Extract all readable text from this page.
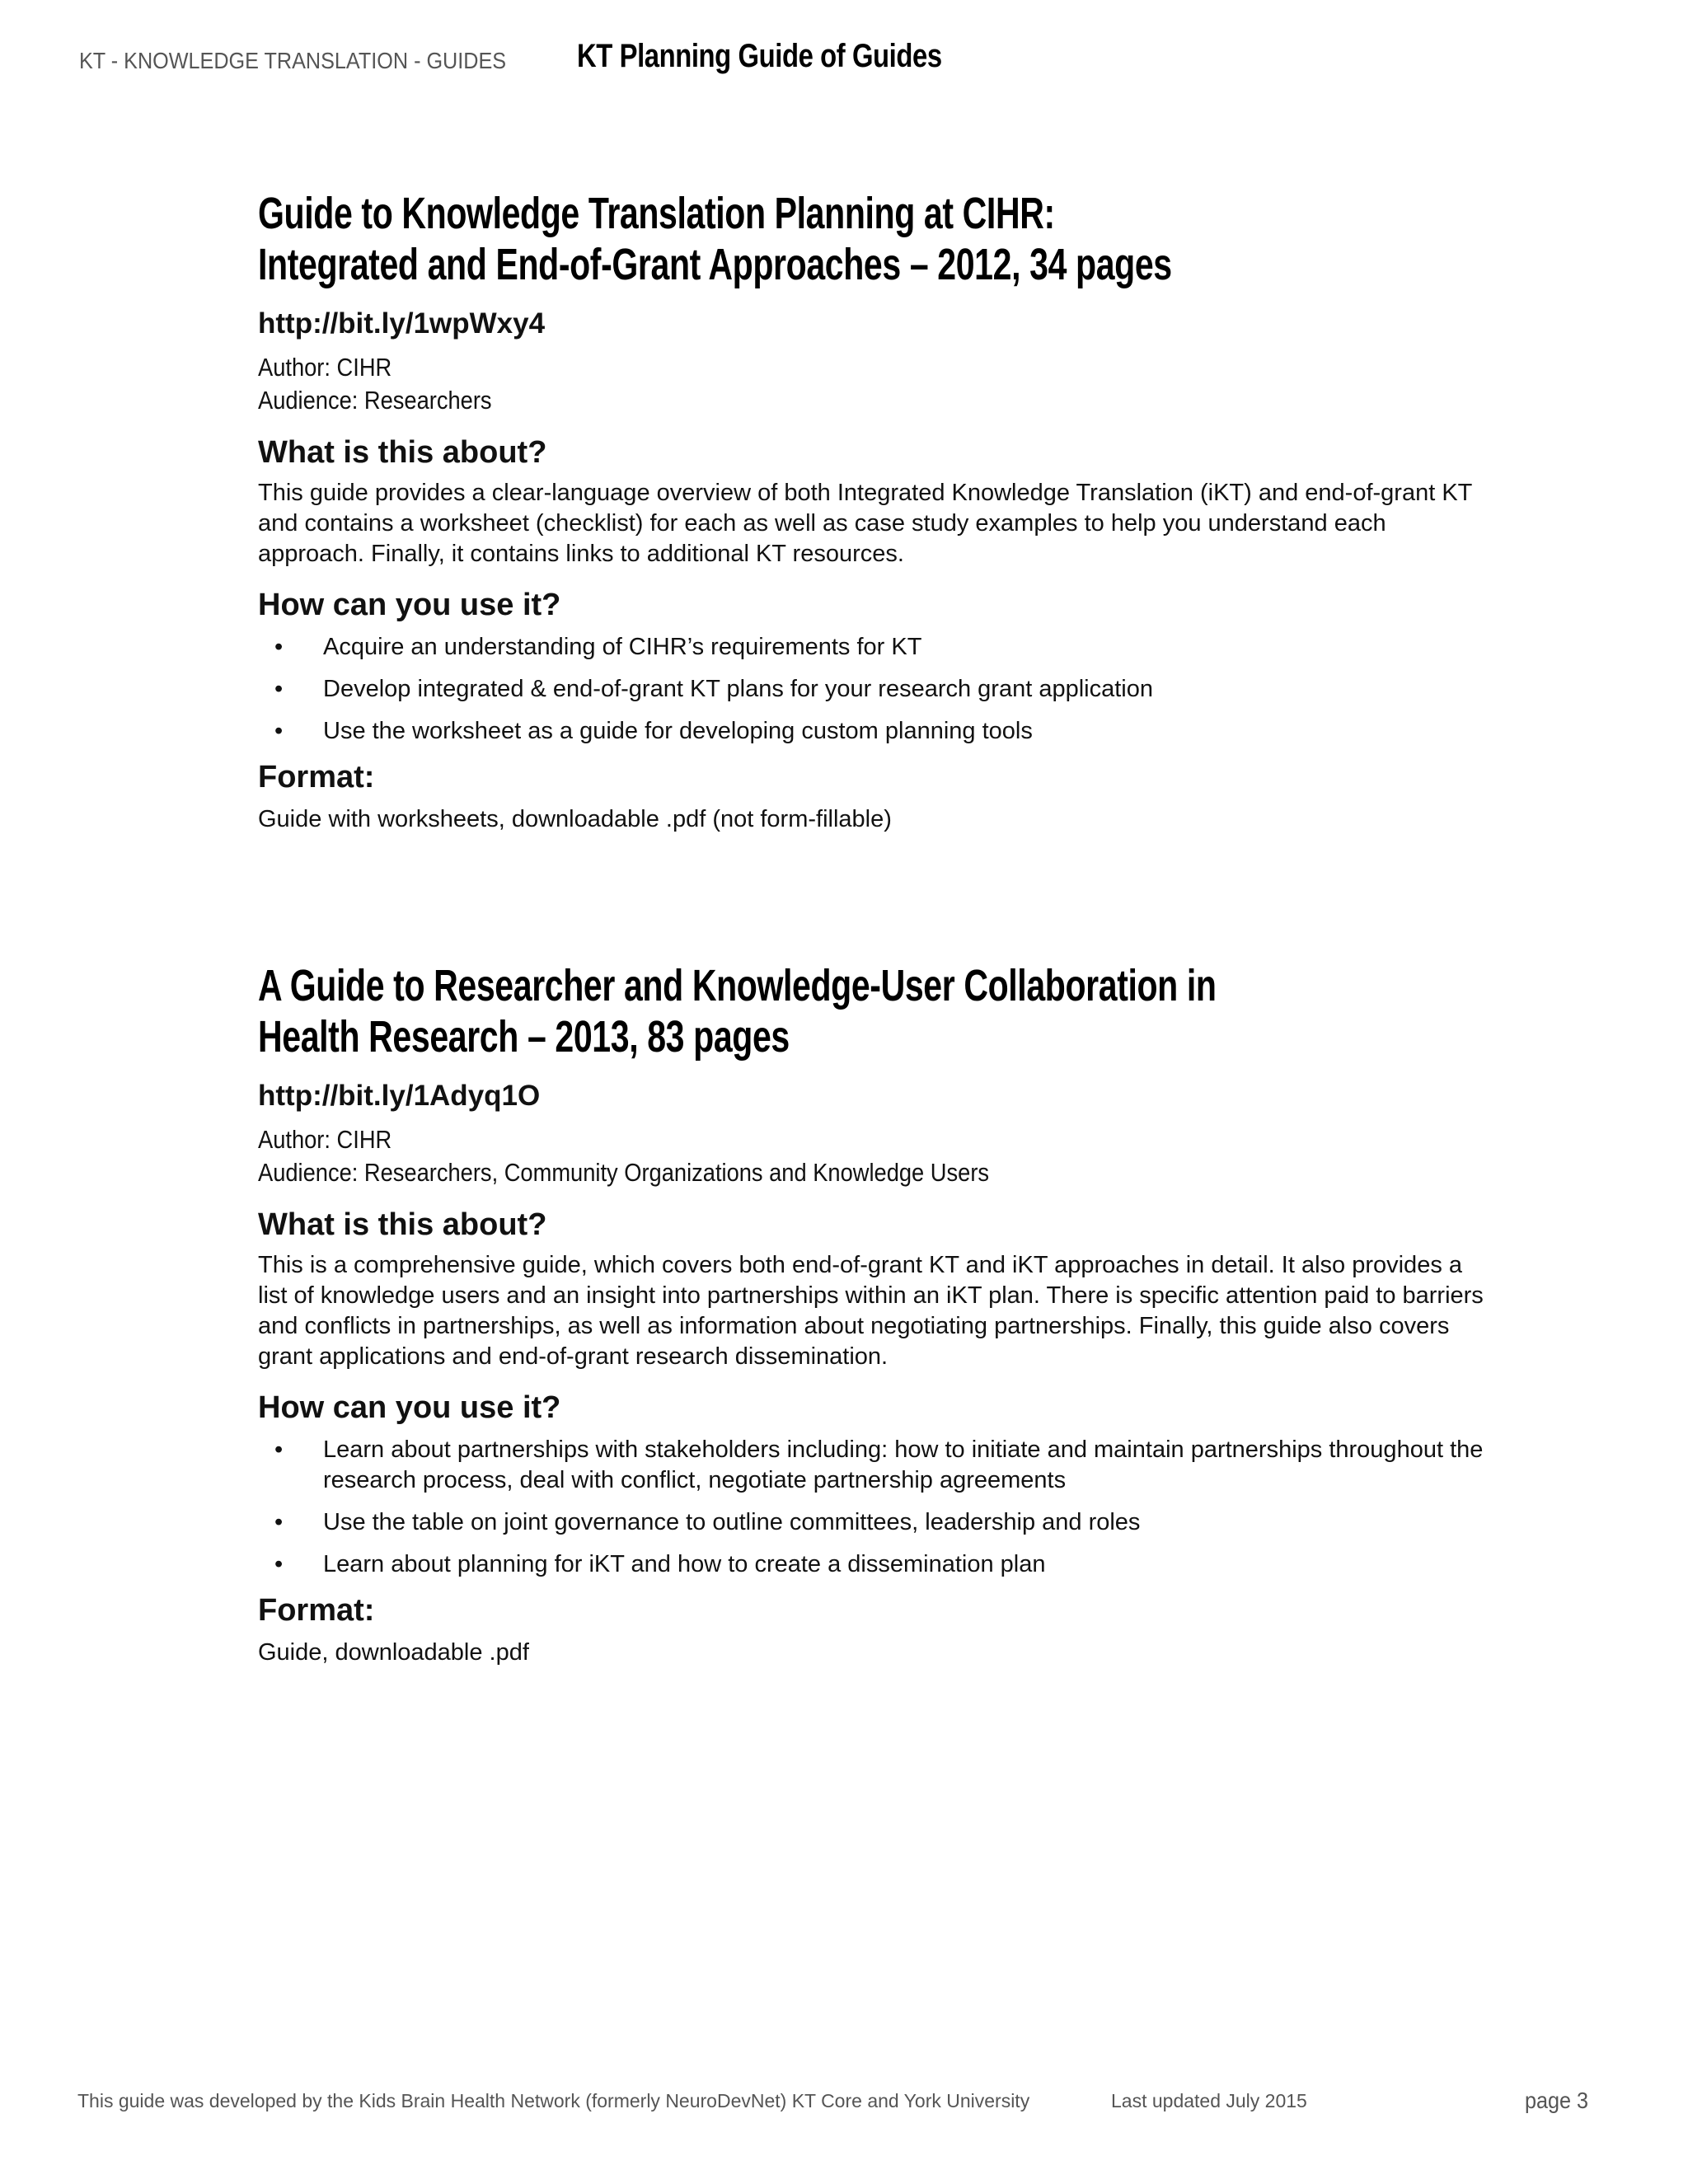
KT - KNOWLEDGE TRANSLATION - GUIDES KT Planning Guide of Guides
Guide to Knowledge Translation Planning at CIHR:
Integrated and End-of-Grant Approaches – 2012, 34 pages
http://bit.ly/1wpWxy4
Author: CIHR
Audience: Researchers
What is this about?
This guide provides a clear-language overview of both Integrated Knowledge Translation (iKT) and end-of-grant KT and contains a worksheet (checklist) for each as well as case study examples to help you understand each approach. Finally, it contains links to additional KT resources.
How can you use it?
• Acquire an understanding of CIHR’s requirements for KT
• Develop integrated & end-of-grant KT plans for your research grant application
• Use the worksheet as a guide for developing custom planning tools
Format:
Guide with worksheets, downloadable .pdf (not form-fillable)
A Guide to Researcher and Knowledge-User Collaboration in
Health Research – 2013, 83 pages
http://bit.ly/1Adyq1O
Author: CIHR
Audience: Researchers, Community Organizations and Knowledge Users
What is this about?
This is a comprehensive guide, which covers both end-of-grant KT and iKT approaches in detail. It also provides a list of knowledge users and an insight into partnerships within an iKT plan. There is specific attention paid to barriers and conflicts in partnerships, as well as information about negotiating partnerships. Finally, this guide also covers grant applications and end-of-grant research dissemination.
How can you use it?
• Learn about partnerships with stakeholders including: how to initiate and maintain partnerships throughout the research process, deal with conflict, negotiate partnership agreements
• Use the table on joint governance to outline committees, leadership and roles
• Learn about planning for iKT and how to create a dissemination plan
Format:
Guide, downloadable .pdf
This guide was developed by the Kids Brain Health Network (formerly NeuroDevNet) KT Core and York University	Last updated July 2015	page 3
